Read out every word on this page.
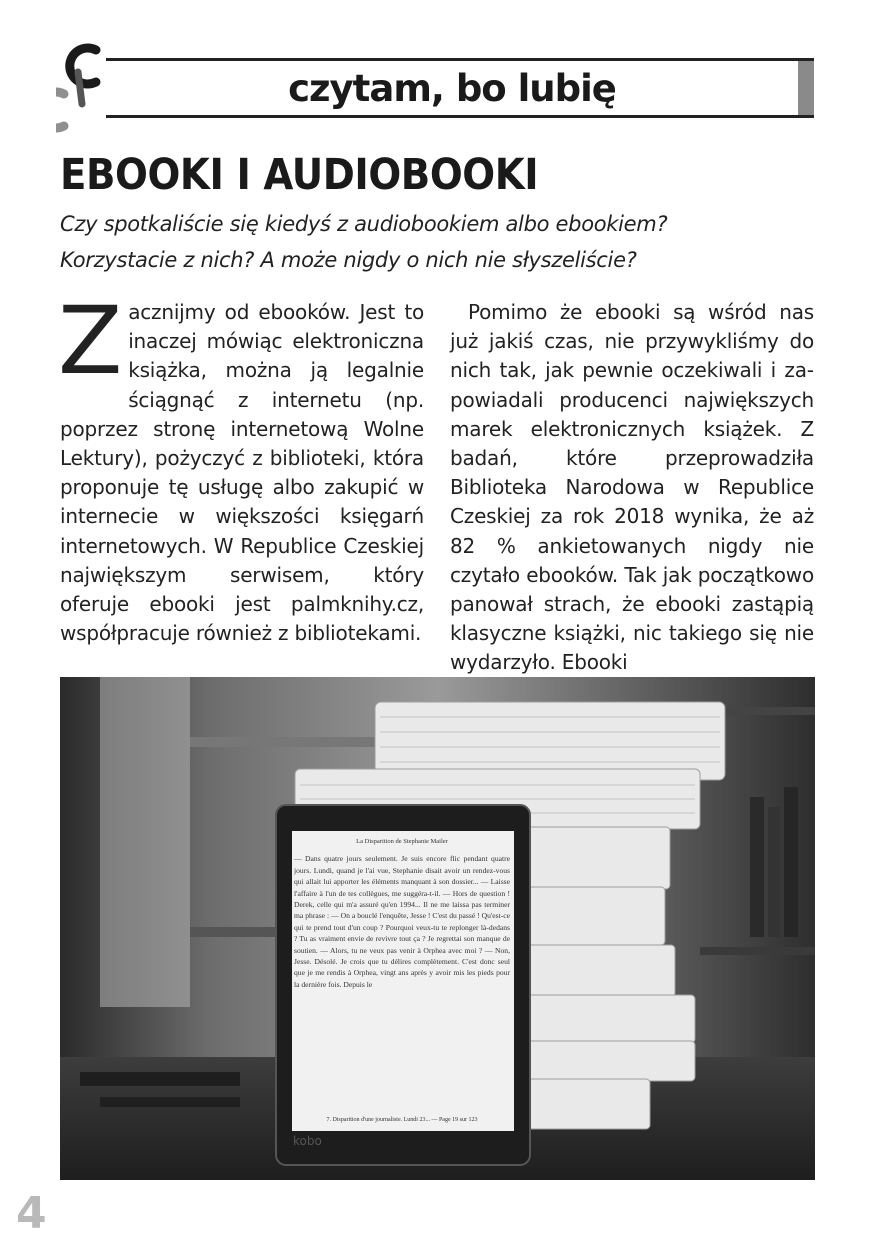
czytam, bo lubię
EBOOKI I AUDIOBOOKI

Czy spotkaliście się kiedyś z audiobookiem albo ebookiem?
Korzystacie z nich? A może nigdy o nich nie słyszeliście?

Zacznijmy od ebooków. Jest to inaczej mówiąc elektroniczna książka, można ją legalnie ściągnąć z internetu (np. poprzez stronę internetową Wolne Lektury), pożyczyć z biblioteki, która proponuje tę usługę albo zakupić w internecie w większości księgarń internetowych. W Republice Czeskiej największym serwisem, który oferuje ebooki jest palmknihy.cz, współpracuje również z bibliotekami.

Pomimo że ebooki są wśród nas już jakiś czas, nie przywykliśmy do nich tak, jak pewnie oczekiwali i zapowiadali producenci największych marek elektronicznych książek. Z badań, które przeprowadziła Biblioteka Narodowa w Republice Czeskiej za rok 2018 wynika, że aż 82 % ankietowanych nigdy nie czytało ebooków. Tak jak początkowo panował strach, że ebooki zastąpią klasyczne książki, nic takiego się nie wydarzyło. Ebooki

La Disparition de Stephanie Mailer
— Dans quatre jours seulement. Je suis encore flic pendant quatre jours. Lundi, quand je l'ai vue, Stephanie disait avoir un rendez-vous qui allait lui apporter les éléments manquant à son dossier... — Laisse l'affaire à l'un de tes collègues, me suggéra-t-il. — Hors de question ! Derek, celle qui m'a assuré qu'en 1994... Il ne me laissa pas terminer ma phrase : — On a bouclé l'enquête, Jesse ! C'est du passé ! Qu'est-ce qui te prend tout d'un coup ? Pourquoi veux-tu te replonger là-dedans ? Tu as vraiment envie de revivre tout ça ? Je regrettai son manque de soutien. — Alors, tu ne veux pas venir à Orphea avec moi ? — Non, Jesse. Désolé. Je crois que tu délires complètement. C'est donc seul que je me rendis à Orphea, vingt ans après y avoir mis les pieds pour la dernière fois. Depuis le
7. Disparition d'une journaliste. Lundi 23... — Page 19 sur 123
kobo
4
